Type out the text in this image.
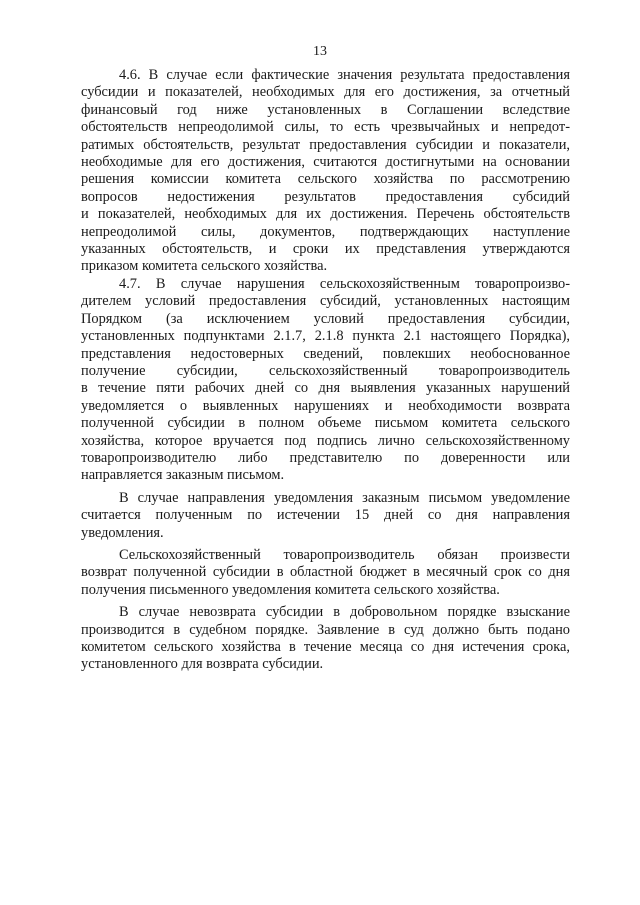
13
4.6. В случае если фактические значения результата предоставления
субсидии и показателей, необходимых для его достижения, за отчетный
финансовый год ниже установленных в Соглашении вследствие
обстоятельств непреодолимой силы, то есть чрезвычайных и непредот-
ратимых обстоятельств, результат предоставления субсидии и показатели,
необходимые для его достижения, считаются достигнутыми на основании
решения комиссии комитета сельского хозяйства по рассмотрению
вопросов недостижения результатов предоставления субсидий
и показателей, необходимых для их достижения. Перечень обстоятельств
непреодолимой силы, документов, подтверждающих наступление
указанных обстоятельств, и сроки их представления утверждаются
приказом комитета сельского хозяйства.
4.7. В случае нарушения сельскохозяйственным товаропроизво-
дителем условий предоставления субсидий, установленных настоящим
Порядком (за исключением условий предоставления субсидии,
установленных подпунктами 2.1.7, 2.1.8 пункта 2.1 настоящего Порядка),
представления недостоверных сведений, повлекших необоснованное
получение субсидии, сельскохозяйственный товаропроизводитель
в течение пяти рабочих дней со дня выявления указанных нарушений
уведомляется о выявленных нарушениях и необходимости возврата
полученной субсидии в полном объеме письмом комитета сельского
хозяйства, которое вручается под подпись лично сельскохозяйственному
товаропроизводителю либо представителю по доверенности или
направляется заказным письмом.
В случае направления уведомления заказным письмом уведомление
считается полученным по истечении 15 дней со дня направления
уведомления.
Сельскохозяйственный товаропроизводитель обязан произвести
возврат полученной субсидии в областной бюджет в месячный срок со дня
получения письменного уведомления комитета сельского хозяйства.
В случае невозврата субсидии в добровольном порядке взыскание
производится в судебном порядке. Заявление в суд должно быть подано
комитетом сельского хозяйства в течение месяца со дня истечения срока,
установленного для возврата субсидии.
